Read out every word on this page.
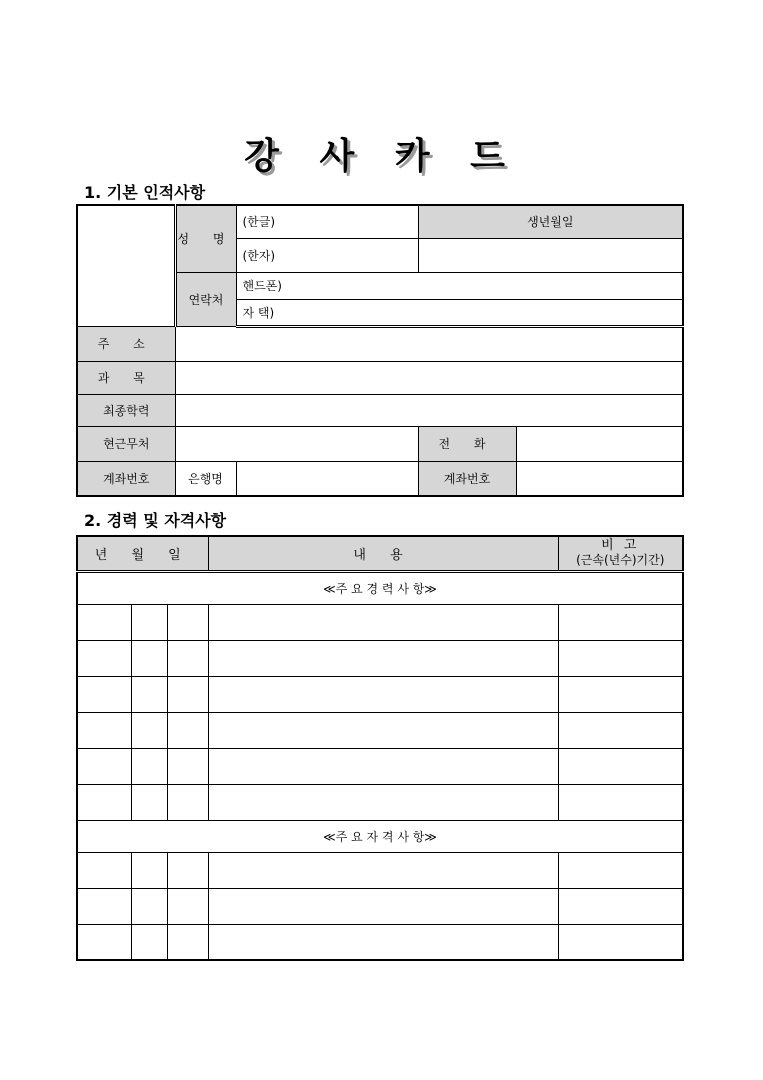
강 사 카 드
1. 기본 인적사항
	성 명	(한글)	생년월일	
		(한자)		
	연락처	핸드폰)		
		자 택)		
주 소				
과 목				
최종학력				
현근무처			전 화	
계좌번호	은행명		계좌번호	
2. 경력 및 자격사항
년 월 일			내 용	비 고
(근속(년수)기간)

≪주 요 경 력 사 항≫				

≪주 요 자 격 사 항≫				
